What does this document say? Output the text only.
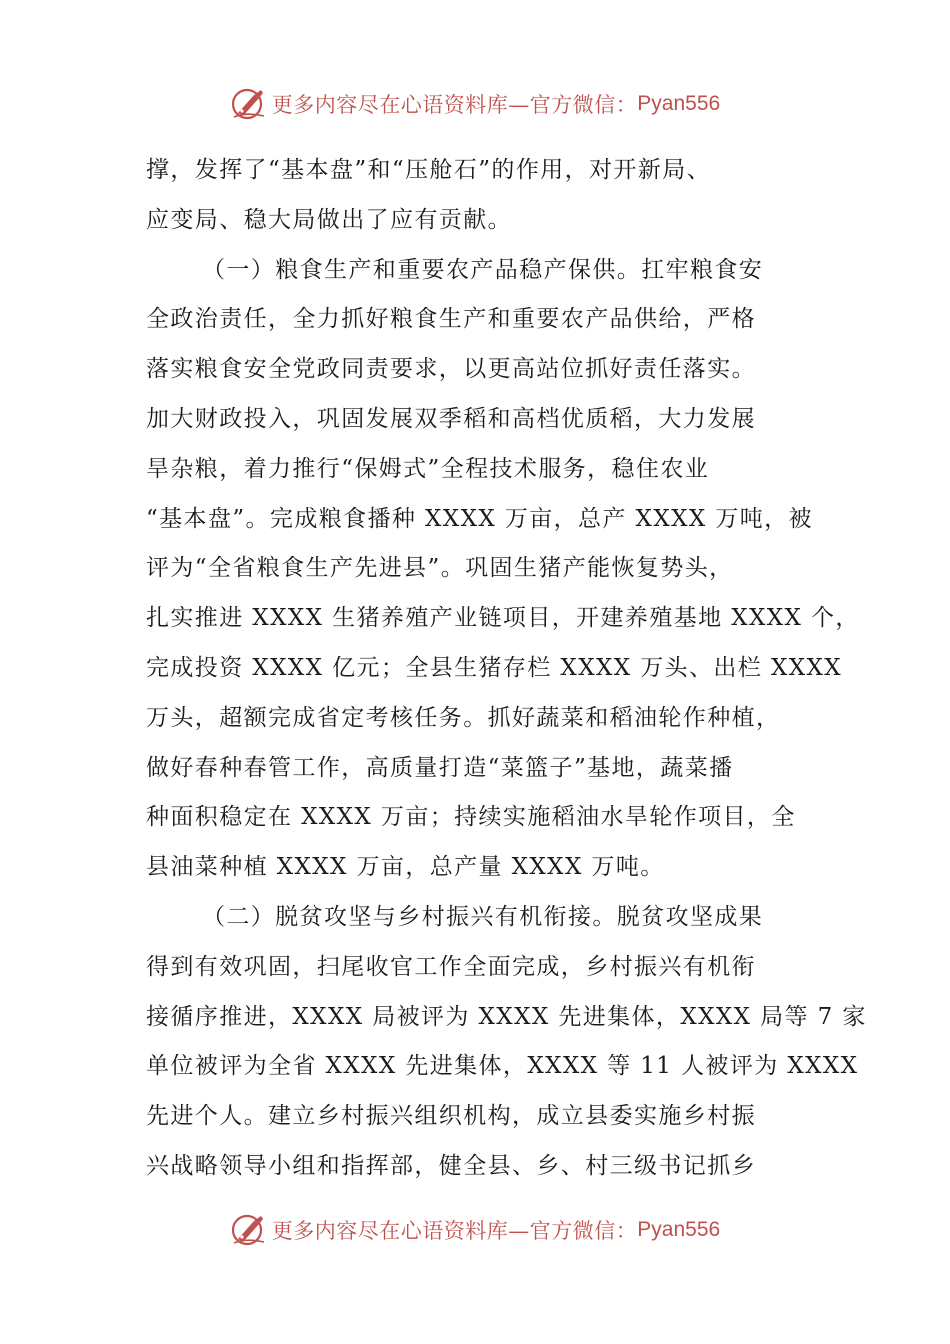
更多内容尽在心语资料库—官方微信： Pyan556
撑，发挥了“基本盘”和“压舱石”的作用，对开新局、
应变局、稳大局做出了应有贡献。
（一）粮食生产和重要农产品稳产保供。扛牢粮食安
全政治责任，全力抓好粮食生产和重要农产品供给，严格
落实粮食安全党政同责要求，以更高站位抓好责任落实。
加大财政投入，巩固发展双季稻和高档优质稻，大力发展
旱杂粮，着力推行“保姆式”全程技术服务，稳住农业
“基本盘”。完成粮食播种 XXXX 万亩，总产 XXXX 万吨，被
评为“全省粮食生产先进县”。巩固生猪产能恢复势头，
扎实推进 XXXX 生猪养殖产业链项目，开建养殖基地 XXXX 个，
完成投资 XXXX 亿元；全县生猪存栏 XXXX 万头、出栏 XXXX
万头，超额完成省定考核任务。抓好蔬菜和稻油轮作种植，
做好春种春管工作，高质量打造“菜篮子”基地，蔬菜播
种面积稳定在 XXXX 万亩；持续实施稻油水旱轮作项目，全
县油菜种植 XXXX 万亩，总产量 XXXX 万吨。
（二）脱贫攻坚与乡村振兴有机衔接。脱贫攻坚成果
得到有效巩固，扫尾收官工作全面完成，乡村振兴有机衔
接循序推进，XXXX 局被评为 XXXX 先进集体，XXXX 局等 7 家
单位被评为全省 XXXX 先进集体，XXXX 等 11 人被评为 XXXX
先进个人。建立乡村振兴组织机构，成立县委实施乡村振
兴战略领导小组和指挥部，健全县、乡、村三级书记抓乡
更多内容尽在心语资料库—官方微信： Pyan556
